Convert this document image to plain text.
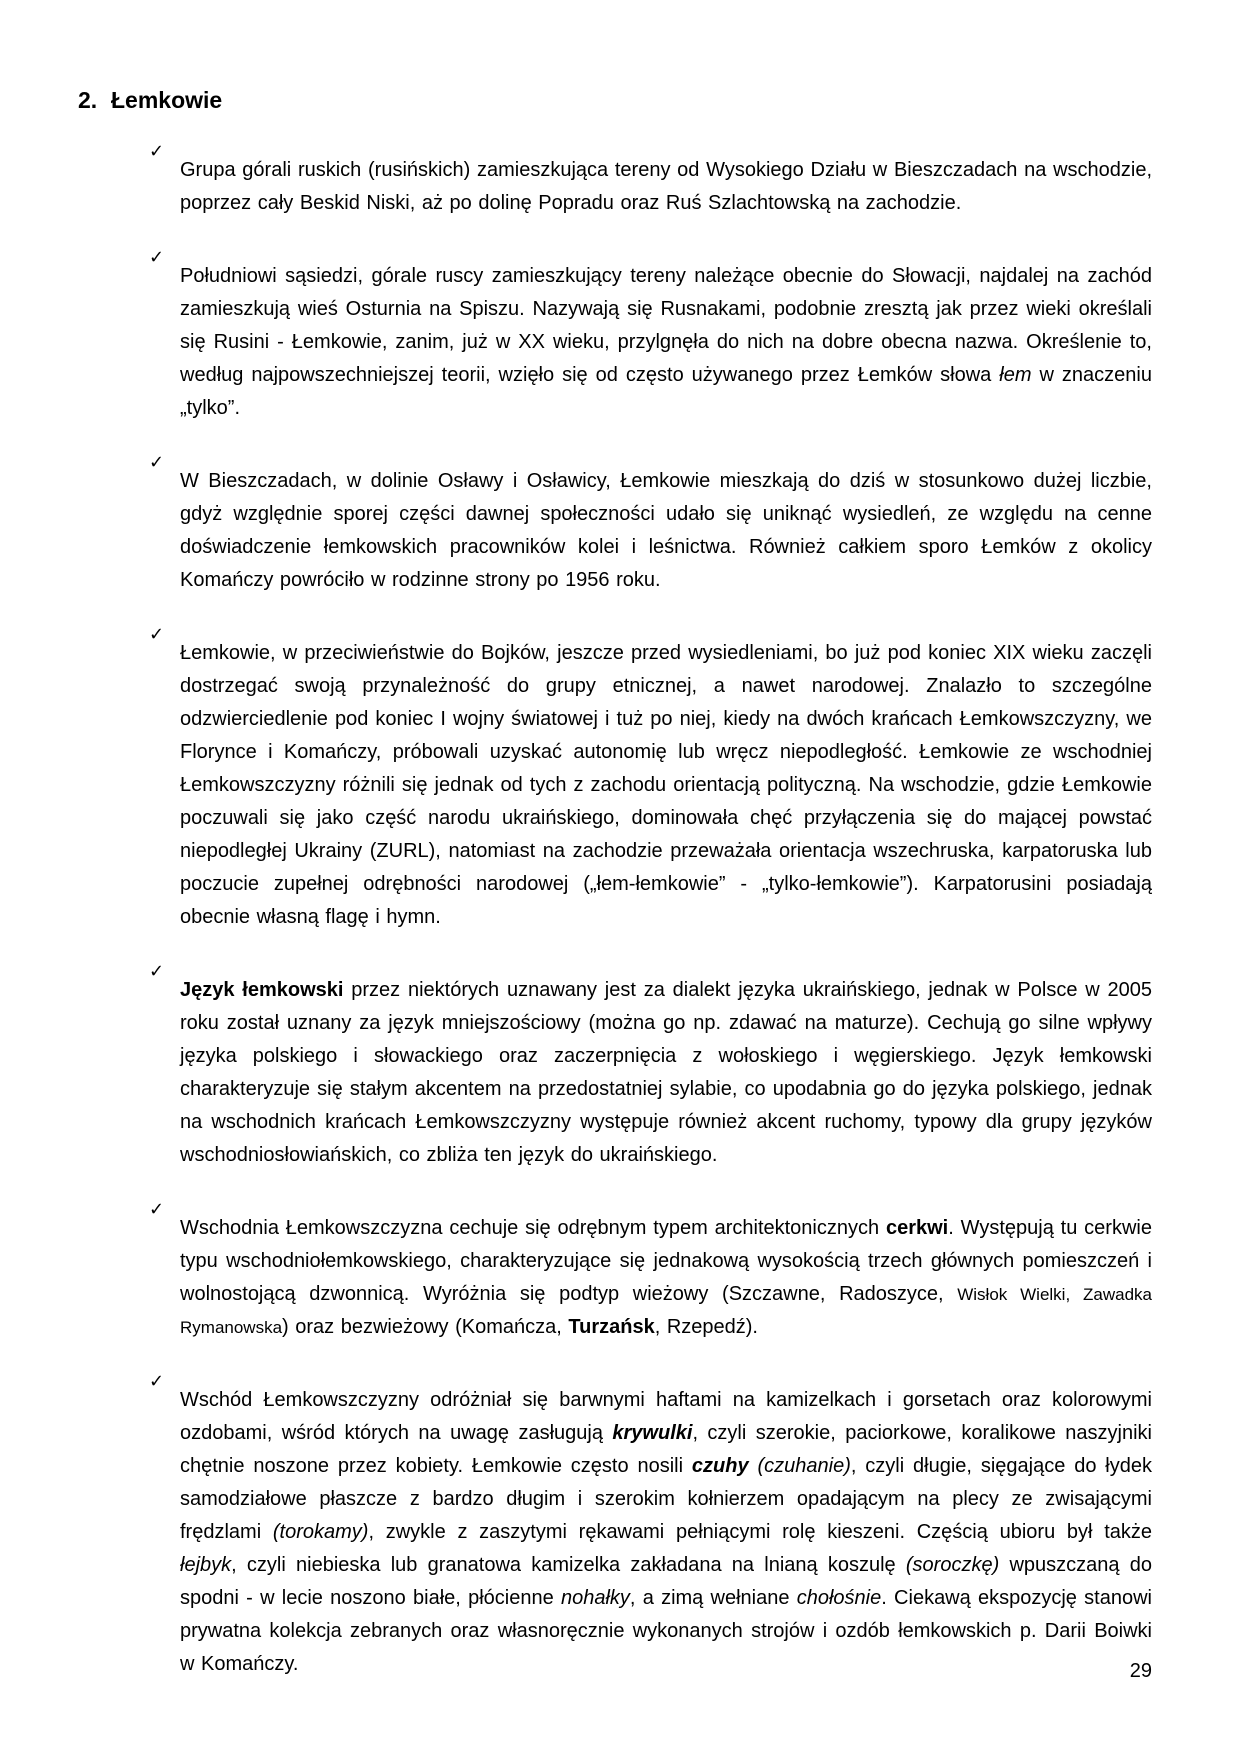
2. Łemkowie
✓

Grupa górali ruskich (rusińskich) zamieszkująca tereny od Wysokiego Działu w Bieszczadach na wschodzie, poprzez cały Beskid Niski, aż po dolinę Popradu oraz Ruś Szlachtowską na zachodzie.

✓

Południowi sąsiedzi, górale ruscy zamieszkujący tereny należące obecnie do Słowacji, najdalej na zachód zamieszkują wieś Osturnia na Spiszu. Nazywają się Rusnakami, podobnie zresztą jak przez wieki określali się Rusini - Łemkowie, zanim, już w XX wieku, przylgnęła do nich na dobre obecna nazwa. Określenie to, według najpowszechniejszej teorii, wzięło się od często używanego przez Łemków słowa łem w znaczeniu „tylko”.

✓

W Bieszczadach, w dolinie Osławy i Osławicy, Łemkowie mieszkają do dziś w stosunkowo dużej liczbie, gdyż względnie sporej części dawnej społeczności udało się uniknąć wysiedleń, ze względu na cenne doświadczenie łemkowskich pracowników kolei i leśnictwa. Również całkiem sporo Łemków z okolicy Komańczy powróciło w rodzinne strony po 1956 roku.

✓

Łemkowie, w przeciwieństwie do Bojków, jeszcze przed wysiedleniami, bo już pod koniec XIX wieku zaczęli dostrzegać swoją przynależność do grupy etnicznej, a nawet narodowej. Znalazło to szczególne odzwierciedlenie pod koniec I wojny światowej i tuż po niej, kiedy na dwóch krańcach Łemkowszczyzny, we Florynce i Komańczy, próbowali uzyskać autonomię lub wręcz niepodległość. Łemkowie ze wschodniej Łemkowszczyzny różnili się jednak od tych z zachodu orientacją polityczną. Na wschodzie, gdzie Łemkowie poczuwali się jako część narodu ukraińskiego, dominowała chęć przyłączenia się do mającej powstać niepodległej Ukrainy (ZURL), natomiast na zachodzie przeważała orientacja wszechruska, karpatoruska lub poczucie zupełnej odrębności narodowej („łem-łemkowie” - „tylko-łemkowie”). Karpatorusini posiadają obecnie własną flagę i hymn.

✓

Język łemkowski przez niektórych uznawany jest za dialekt języka ukraińskiego, jednak w Polsce w 2005 roku został uznany za język mniejszościowy (można go np. zdawać na maturze). Cechują go silne wpływy języka polskiego i słowackiego oraz zaczerpnięcia z wołoskiego i węgierskiego. Język łemkowski charakteryzuje się stałym akcentem na przedostatniej sylabie, co upodabnia go do języka polskiego, jednak na wschodnich krańcach Łemkowszczyzny występuje również akcent ruchomy, typowy dla grupy języków wschodniosłowiańskich, co zbliża ten język do ukraińskiego.

✓

Wschodnia Łemkowszczyzna cechuje się odrębnym typem architektonicznych cerkwi. Występują tu cerkwie typu wschodniołemkowskiego, charakteryzujące się jednakową wysokością trzech głównych pomieszczeń i wolnostojącą dzwonnicą. Wyróżnia się podtyp wieżowy (Szczawne, Radoszyce, Wisłok Wielki, Zawadka Rymanowska) oraz bezwieżowy (Komańcza, Turzańsk, Rzepedź).

✓

Wschód Łemkowszczyzny odróżniał się barwnymi haftami na kamizelkach i gorsetach oraz kolorowymi ozdobami, wśród których na uwagę zasługują krywulki, czyli szerokie, paciorkowe, koralikowe naszyjniki chętnie noszone przez kobiety. Łemkowie często nosili czuhy (czuhanie), czyli długie, sięgające do łydek samodziałowe płaszcze z bardzo długim i szerokim kołnierzem opadającym na plecy ze zwisającymi frędzlami (torokamy), zwykle z zaszytymi rękawami pełniącymi rolę kieszeni. Częścią ubioru był także łejbyk, czyli niebieska lub granatowa kamizelka zakładana na lnianą koszulę (soroczkę) wpuszczaną do spodni - w lecie noszono białe, płócienne nohałky, a zimą wełniane chołośnie. Ciekawą ekspozycję stanowi prywatna kolekcja zebranych oraz własnoręcznie wykonanych strojów i ozdób łemkowskich p. Darii Boiwki w Komańczy.	29
